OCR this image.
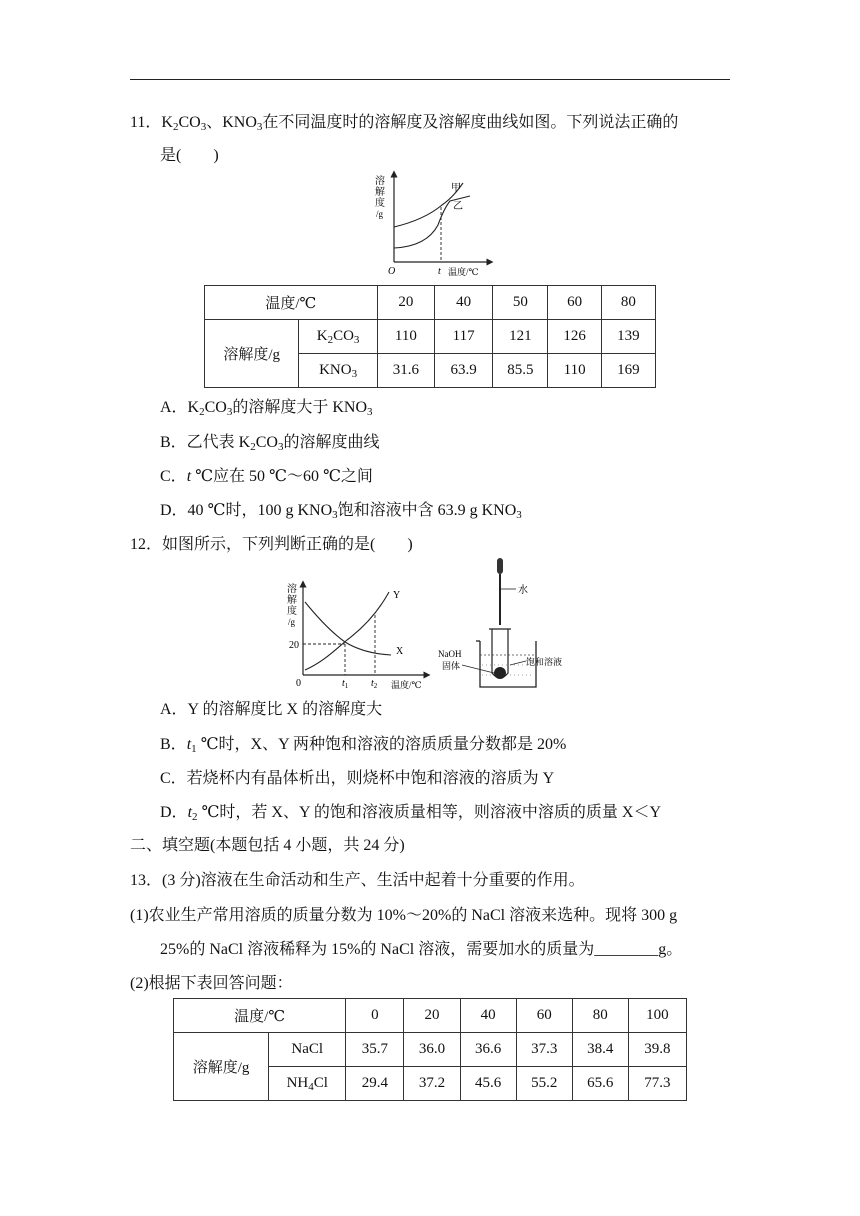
11．$K_2CO_3$、$KNO_3$在不同温度时的溶解度及溶解度曲线如图。下列说法正确的
是(　　)
溶
解
度
/g
甲
乙
O	t 温度/℃
温度/℃		20	40	50	60	80
溶解度/g	$K_2CO_3$	110	117	121	126	139
	$KNO_3$	31.6	63.9	85.5	110	169
A．$K_2CO_3$的溶解度大于 $KNO_3$
B．乙代表 $K_2CO_3$的溶解度曲线
C．t ℃应在 50 ℃～60 ℃之间
D．40 ℃时，100 g $KNO_3$饱和溶液中含 63.9 g $KNO_3$
12．如图所示，下列判断正确的是(　　)
溶
解
度
/g
20
Y
X
0	$t_1$ $t_2$ 温度/℃
水
NaOH
固体	饱和溶液
A．Y 的溶解度比 X 的溶解度大
B．$t_1$ ℃时，X、Y 两种饱和溶液的溶质质量分数都是 20%
C．若烧杯内有晶体析出，则烧杯中饱和溶液的溶质为 Y
D．$t_2$ ℃时，若 X、Y 的饱和溶液质量相等，则溶液中溶质的质量 X＜Y
二、填空题(本题包括 4 小题，共 24 分)
13．(3 分)溶液在生命活动和生产、生活中起着十分重要的作用。
(1)农业生产常用溶质的质量分数为 10%～20%的 NaCl 溶液来选种。现将 300 g
25%的 NaCl 溶液稀释为 15%的 NaCl 溶液，需要加水的质量为________g。
(2)根据下表回答问题：
温度/℃		0	20	40	60	80	100
溶解度/g	NaCl	35.7	36.0	36.6	37.3	38.4	39.8
	$NH_4Cl$	29.4	37.2	45.6	55.2	65.6	77.3
